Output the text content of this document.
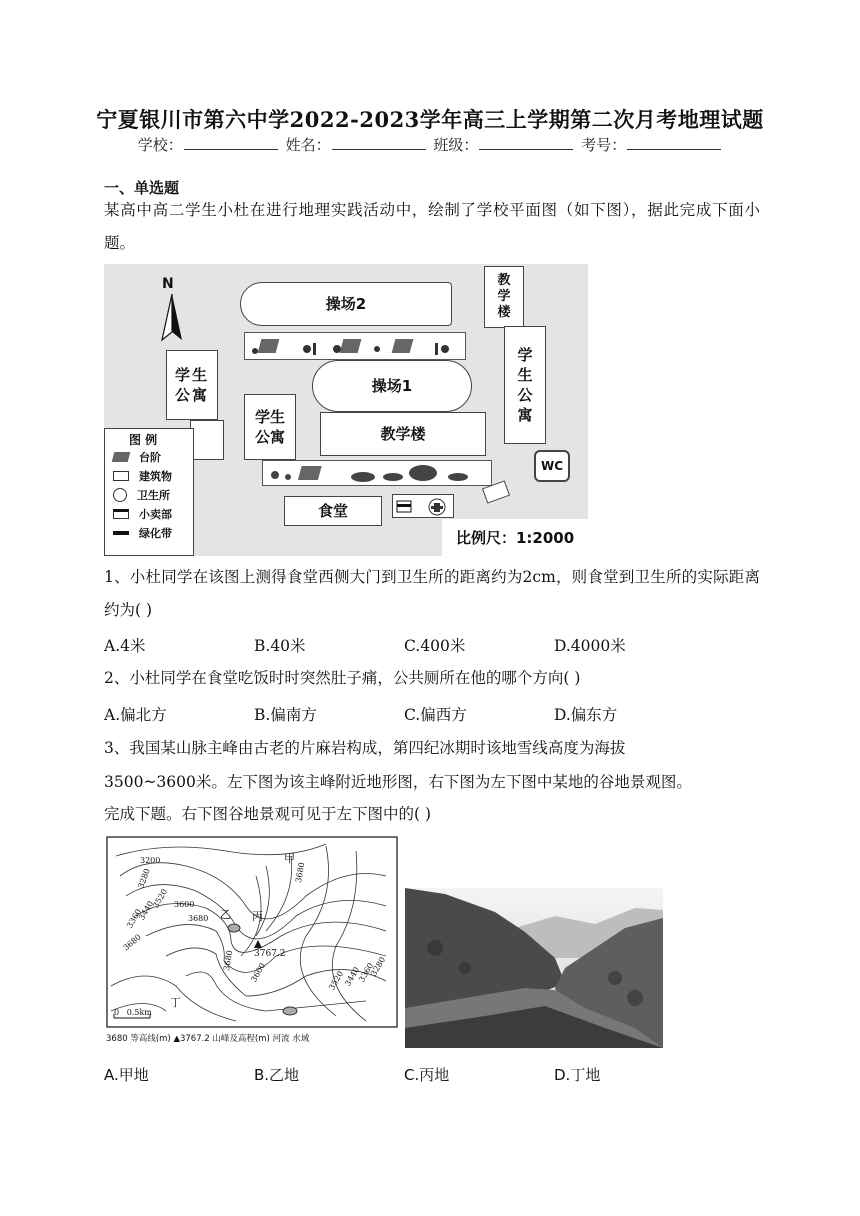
宁夏银川市第六中学2022-2023学年高三上学期第二次月考地理试题
学校：	姓名：	班级：	考号：
一、单选题
某高中高二学生小杜在进行地理实践活动中，绘制了学校平面图（如下图），据此完成下面小题。
N
操场2
操场1
教学楼
学生公寓
学生公寓
教学楼
学生公寓
WC
食堂
图 例
台阶
建筑物
卫生所
小卖部
绿化带	比例尺：1:2000
1、小杜同学在该图上测得食堂西侧大门到卫生所的距离约为2cm，则食堂到卫生所的实际距离约为( )
A.4米	B.40米	C.400米	D.4000米
2、小杜同学在食堂吃饭时时突然肚子痛，公共厕所在他的哪个方向( )
A.偏北方	B.偏南方	C.偏西方	D.偏东方
3、我国某山脉主峰由古老的片麻岩构成，第四纪冰期时该地雪线高度为海拔
3500~3600米。左下图为该主峰附近地形图，右下图为左下图中某地的谷地景观图。
完成下题。右下图谷地景观可见于左下图中的( )
甲
乙 丙
丁
3767.2
3200
3280
3360
3440
3520 3600
3680
3680
3680
3600	3520
3440
3360
3280
3680
0   0.5km
3680 等高线(m) ▲3767.2 山峰及高程(m) 河流 水域
A.甲地	B.乙地	C.丙地	D.丁地
